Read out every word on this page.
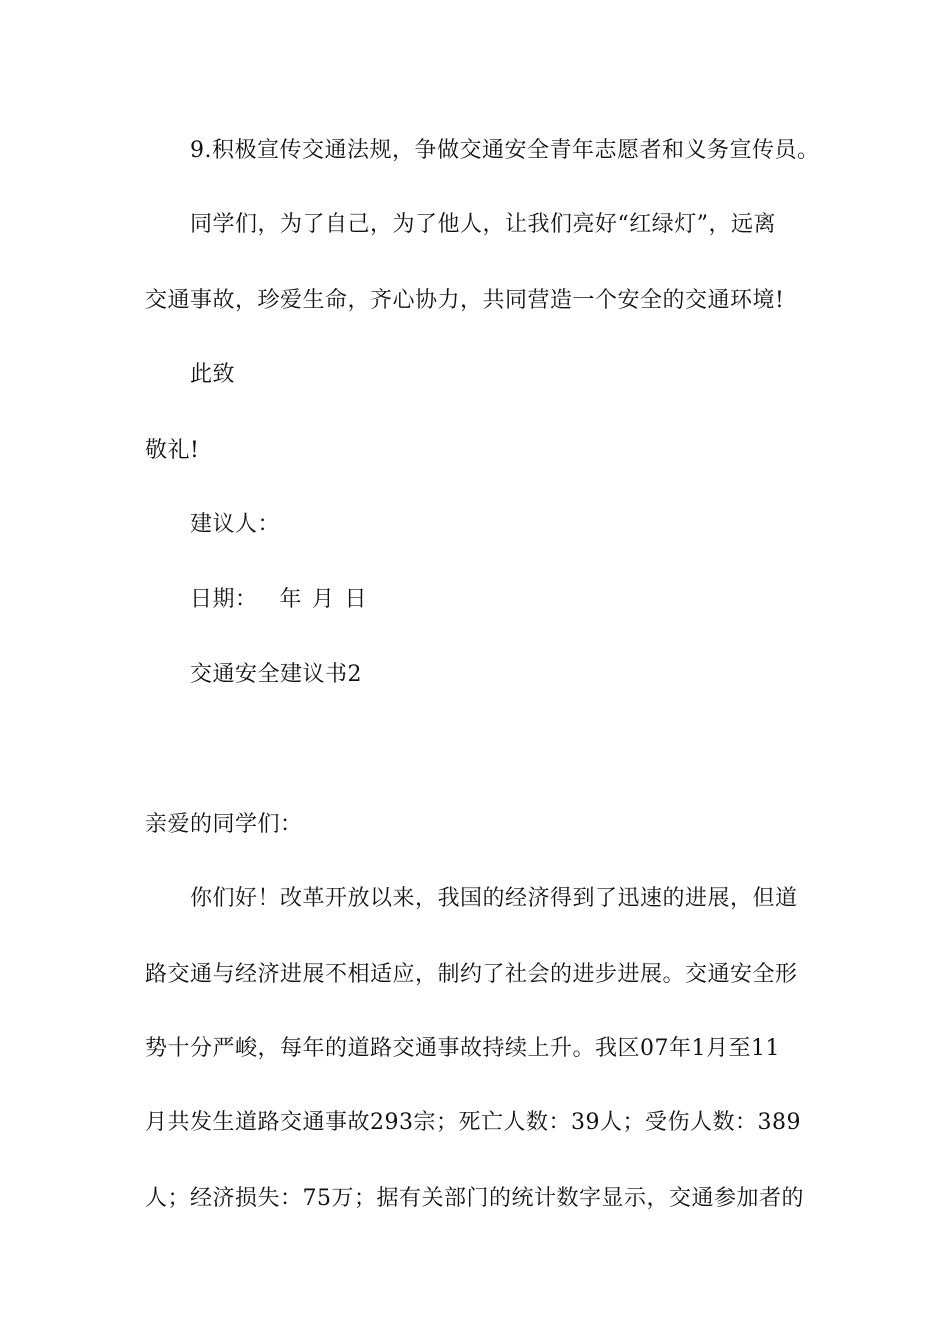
9.积极宣传交通法规，争做交通安全青年志愿者和义务宣传员。
同学们，为了自己，为了他人，让我们亮好“红绿灯”，远离
交通事故，珍爱生命，齐心协力，共同营造一个安全的交通环境!
此致
敬礼!
建议人：
日期： 年 月 日
交通安全建议书2
亲爱的同学们：
你们好！改革开放以来，我国的经济得到了迅速的进展，但道
路交通与经济进展不相适应，制约了社会的进步进展。交通安全形
势十分严峻，每年的道路交通事故持续上升。我区07年1月至11
月共发生道路交通事故293宗；死亡人数：39人；受伤人数：389
人；经济损失：75万；据有关部门的统计数字显示，交通参加者的
